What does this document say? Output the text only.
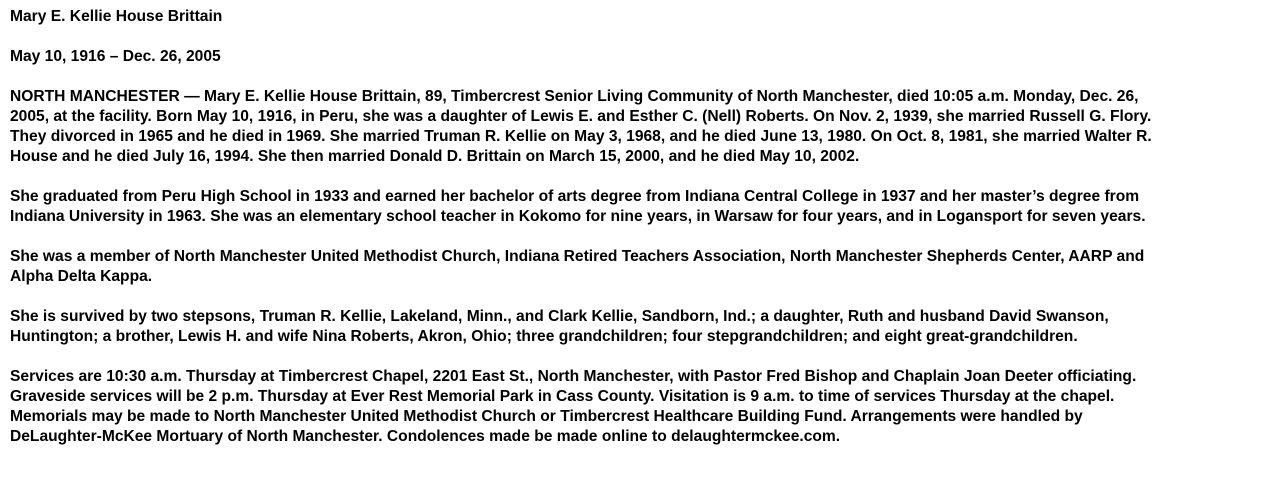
Mary E. Kellie House Brittain
May 10, 1916 – Dec. 26, 2005
NORTH MANCHESTER — Mary E. Kellie House Brittain, 89, Timbercrest Senior Living Community of North Manchester, died 10:05 a.m. Monday, Dec. 26,
2005, at the facility. Born May 10, 1916, in Peru, she was a daughter of Lewis E. and Esther C. (Nell) Roberts. On Nov. 2, 1939, she married Russell G. Flory.
They divorced in 1965 and he died in 1969. She married Truman R. Kellie on May 3, 1968, and he died June 13, 1980. On Oct. 8, 1981, she married Walter R.
House and he died July 16, 1994. She then married Donald D. Brittain on March 15, 2000, and he died May 10, 2002.
She graduated from Peru High School in 1933 and earned her bachelor of arts degree from Indiana Central College in 1937 and her master’s degree from
Indiana University in 1963. She was an elementary school teacher in Kokomo for nine years, in Warsaw for four years, and in Logansport for seven years.
She was a member of North Manchester United Methodist Church, Indiana Retired Teachers Association, North Manchester Shepherds Center, AARP and
Alpha Delta Kappa.
She is survived by two stepsons, Truman R. Kellie, Lakeland, Minn., and Clark Kellie, Sandborn, Ind.; a daughter, Ruth and husband David Swanson,
Huntington; a brother, Lewis H. and wife Nina Roberts, Akron, Ohio; three grandchildren; four stepgrandchildren; and eight great-grandchildren.
Services are 10:30 a.m. Thursday at Timbercrest Chapel, 2201 East St., North Manchester, with Pastor Fred Bishop and Chaplain Joan Deeter officiating.
Graveside services will be 2 p.m. Thursday at Ever Rest Memorial Park in Cass County. Visitation is 9 a.m. to time of services Thursday at the chapel.
Memorials may be made to North Manchester United Methodist Church or Timbercrest Healthcare Building Fund. Arrangements were handled by
DeLaughter-McKee Mortuary of North Manchester. Condolences made be made online to delaughtermckee.com.
